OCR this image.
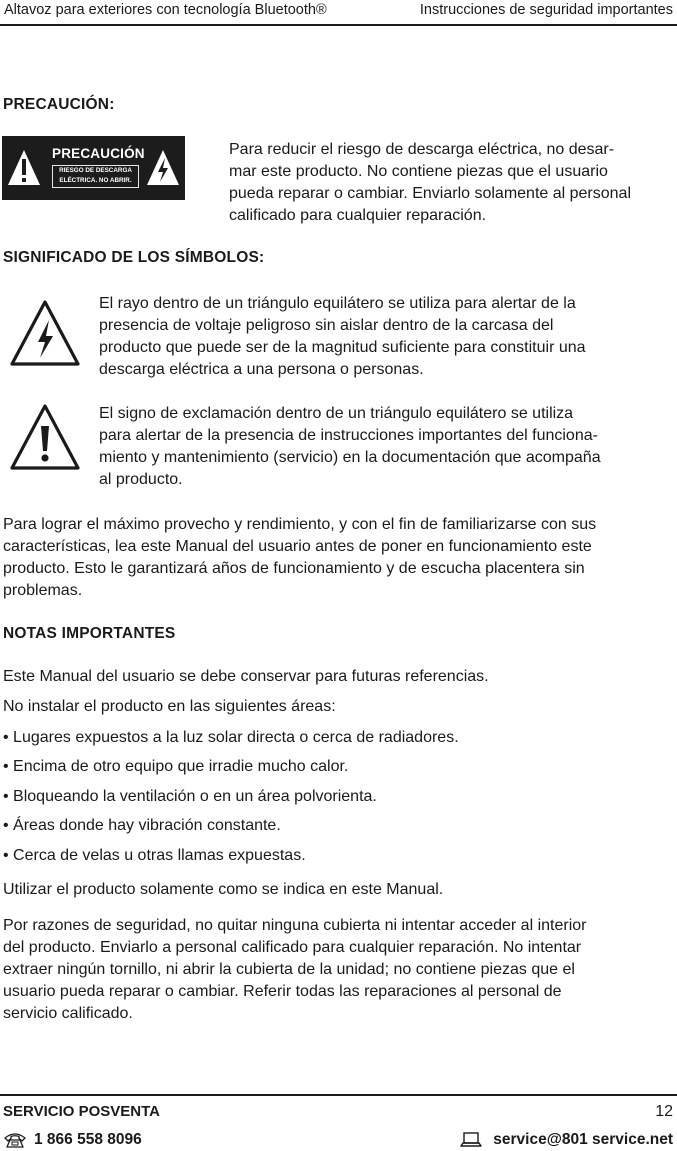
Altavoz para exteriores con tecnología Bluetooth®	Instrucciones de seguridad importantes
PRECAUCIÓN:
PRECAUCIÓN
RIESGO DE DESCARGA
ELÉCTRICA. NO ABRIR.
Para reducir el riesgo de descarga eléctrica, no desar-
mar este producto. No contiene piezas que el usuario
pueda reparar o cambiar. Enviarlo solamente al personal
calificado para cualquier reparación.
SIGNIFICADO DE LOS SÍMBOLOS:
El rayo dentro de un triángulo equilátero se utiliza para alertar de la
presencia de voltaje peligroso sin aislar dentro de la carcasa del
producto que puede ser de la magnitud suficiente para constituir una
descarga eléctrica a una persona o personas.
El signo de exclamación dentro de un triángulo equilátero se utiliza
para alertar de la presencia de instrucciones importantes del funciona-
miento y mantenimiento (servicio) en la documentación que acompaña
al producto.
Para lograr el máximo provecho y rendimiento, y con el fin de familiarizarse con sus
características, lea este Manual del usuario antes de poner en funcionamiento este
producto. Esto le garantizará años de funcionamiento y de escucha placentera sin
problemas.
NOTAS IMPORTANTES
Este Manual del usuario se debe conservar para futuras referencias.
No instalar el producto en las siguientes áreas:
• Lugares expuestos a la luz solar directa o cerca de radiadores.
• Encima de otro equipo que irradie mucho calor.
• Bloqueando la ventilación o en un área polvorienta.
• Áreas donde hay vibración constante.
• Cerca de velas u otras llamas expuestas.
Utilizar el producto solamente como se indica en este Manual.
Por razones de seguridad, no quitar ninguna cubierta ni intentar acceder al interior
del producto. Enviarlo a personal calificado para cualquier reparación. No intentar
extraer ningún tornillo, ni abrir la cubierta de la unidad; no contiene piezas que el
usuario pueda reparar o cambiar. Referir todas las reparaciones al personal de
servicio calificado.
SERVICIO POSVENTA	12
1 866 558 8096	service@801 service.net
